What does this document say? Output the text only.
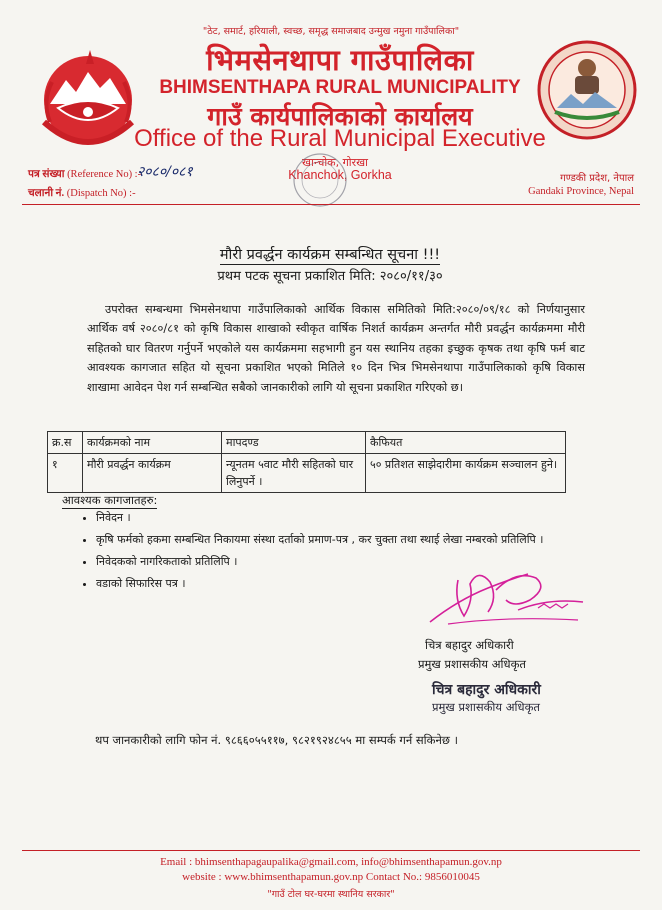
"ठेट, समार्ट, हरियाली, स्वच्छ, समृद्ध समाजबाद उन्मुख नमुना गाउँपालिका"
भिमसेनथापा गाउँपालिका
BHIMSENTHAPA RURAL MUNICIPALITY
गाउँ कार्यपालिकाको कार्यालय
Office of the Rural Municipal Executive
खान्चोक, गोरखा
Khanchok, Gorkha
पत्र संख्या (Reference No) :-
२०८०/०८१
चलानी नं. (Dispatch No) :-
गण्डकी प्रदेश, नेपाल
Gandaki Province, Nepal
मौरी प्रवर्द्धन कार्यक्रम सम्बन्धित सूचना !!!
प्रथम पटक सूचना प्रकाशित मिति: २०८०/११/३०
उपरोक्त सम्बन्धमा भिमसेनथापा गाउँपालिकाको आर्थिक विकास समितिको मिति:२०८०/०९/१८ को निर्णयानुसार आर्थिक वर्ष २०८०/८१ को कृषि विकास शाखाको स्वीकृत वार्षिक निशर्त कार्यक्रम अन्तर्गत मौरी प्रवर्द्धन कार्यक्रममा मौरी सहितको घार वितरण गर्नुपर्ने भएकोले यस कार्यक्रममा सहभागी हुन यस स्थानिय तहका इच्छुक कृषक तथा कृषि फर्म बाट आवश्यक कागजात सहित यो सूचना प्रकाशित भएको मितिले १० दिन भित्र भिमसेनथापा गाउँपालिकाको कृषि विकास शाखामा आवेदन पेश गर्न सम्बन्धित सबैको जानकारीको लागि यो सूचना प्रकाशित गरिएको छ।
क्र.स	कार्यक्रमको नाम	मापदण्ड	कैफियत
१	मौरी प्रवर्द्धन कार्यक्रम	न्यूनतम ५वाट मौरी सहितको घार लिनुपर्ने ।	५० प्रतिशत साझेदारीमा कार्यक्रम सञ्चालन हुने।
आवश्यक कागजातहरु:
• निवेदन ।
• कृषि फर्मको हकमा सम्बन्धित निकायमा संस्था दर्ताको प्रमाण-पत्र , कर चुक्ता तथा स्थाई लेखा नम्बरको प्रतिलिपि ।
• निवेदकको नागरिकताको प्रतिलिपि ।
• वडाको सिफारिस पत्र ।
चित्र बहादुर अधिकारी
प्रमुख प्रशासकीय अधिकृत
चित्र बहादुर अधिकारी
प्रमुख प्रशासकीय अधिकृत
थप जानकारीको लागि फोन नं. ९८६६०५५११७, ९८२१९२४८५५ मा सम्पर्क गर्न सकिनेछ ।
Email : bhimsenthapagaupalika@gmail.com, info@bhimsenthapamun.gov.np
website : www.bhimsenthapamun.gov.np Contact No.: 9856010045
"गाउँ टोल घर-घरमा स्थानिय सरकार"
